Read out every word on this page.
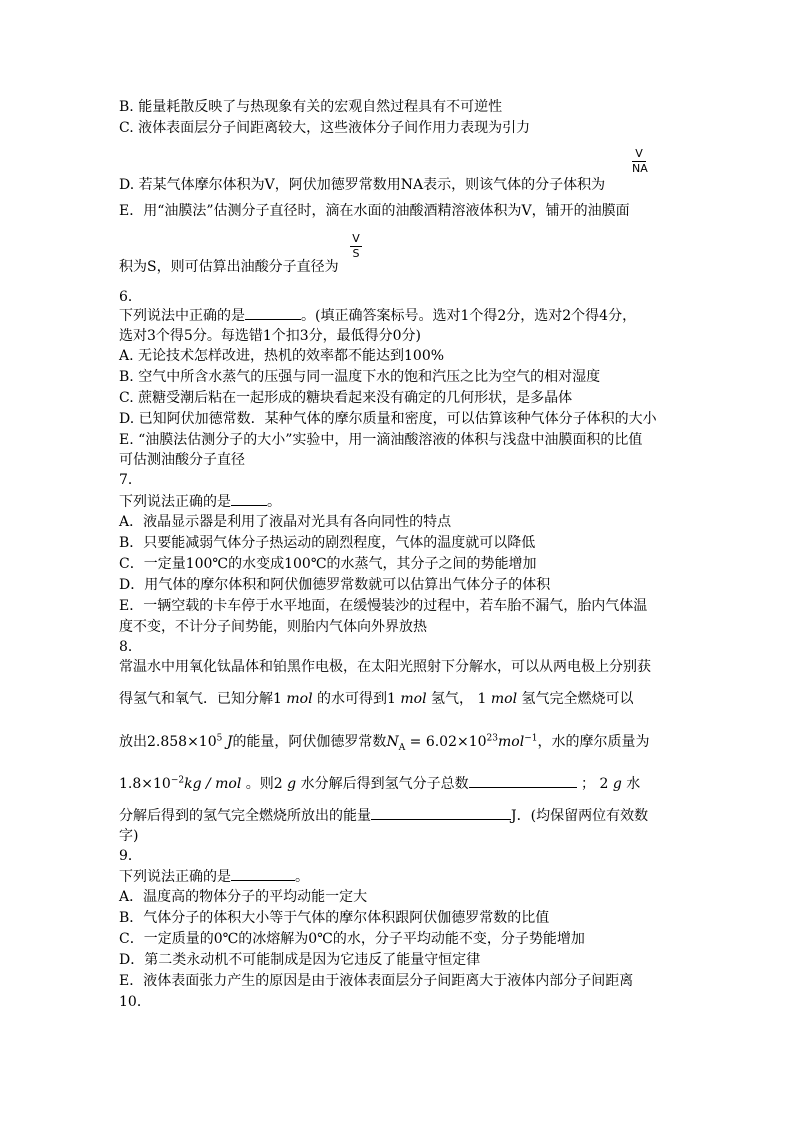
B. 能量耗散反映了与热现象有关的宏观自然过程具有不可逆性
C. 液体表面层分子间距离较大，这些液体分子间作用力表现为引力
V
NA
D. 若某气体摩尔体积为V，阿伏加德罗常数用NA表示，则该气体的分子体积为
E．用“油膜法”估测分子直径时，滴在水面的油酸酒精溶液体积为V，铺开的油膜面
V
S
积为S，则可估算出油酸分子直径为
6．
下列说法中正确的是	。(填正确答案标号。选对1个得2分，选对2个得4分，
选对3个得5分。每选错1个扣3分，最低得分0分)
A. 无论技术怎样改进，热机的效率都不能达到100%
B. 空气中所含水蒸气的压强与同一温度下水的饱和汽压之比为空气的相对湿度
C. 蔗糖受潮后粘在一起形成的糖块看起来没有确定的几何形状，是多晶体
D. 已知阿伏加德常数．某种气体的摩尔质量和密度，可以估算该种气体分子体积的大小
E. “油膜法估测分子的大小”实验中，用一滴油酸溶液的体积与浅盘中油膜面积的比值
可估测油酸分子直径
7．
下列说法正确的是	。
A．液晶显示器是利用了液晶对光具有各向同性的特点
B．只要能减弱气体分子热运动的剧烈程度，气体的温度就可以降低
C．一定量100℃的水变成100℃的水蒸气，其分子之间的势能增加
D．用气体的摩尔体积和阿伏伽德罗常数就可以估算出气体分子的体积
E．一辆空载的卡车停于水平地面，在缓慢装沙的过程中，若车胎不漏气，胎内气体温
度不变，不计分子间势能，则胎内气体向外界放热
8．
常温水中用氧化钛晶体和铂黑作电极，在太阳光照射下分解水，可以从两电极上分别获
得氢气和氧气．已知分解1 mol 的水可得到1 mol 氢气， 1 mol 氢气完全燃烧可以
放出$2.858\times 10^5$ J的能量，阿伏伽德罗常数$N_A = 6.02\times 10^{23}mol^{-1}$，水的摩尔质量为
$1.8\times 10^{-2}kg$ / mol 。则2 g 水分解后得到氢气分子总数	； 2 g 水
分解后得到的氢气完全燃烧所放出的能量	J．(均保留两位有效数
字)
9．
下列说法正确的是	。
A．温度高的物体分子的平均动能一定大
B．气体分子的体积大小等于气体的摩尔体积跟阿伏伽德罗常数的比值
C．一定质量的0℃的冰熔解为0℃的水，分子平均动能不变，分子势能增加
D．第二类永动机不可能制成是因为它违反了能量守恒定律
E．液体表面张力产生的原因是由于液体表面层分子间距离大于液体内部分子间距离
10．
